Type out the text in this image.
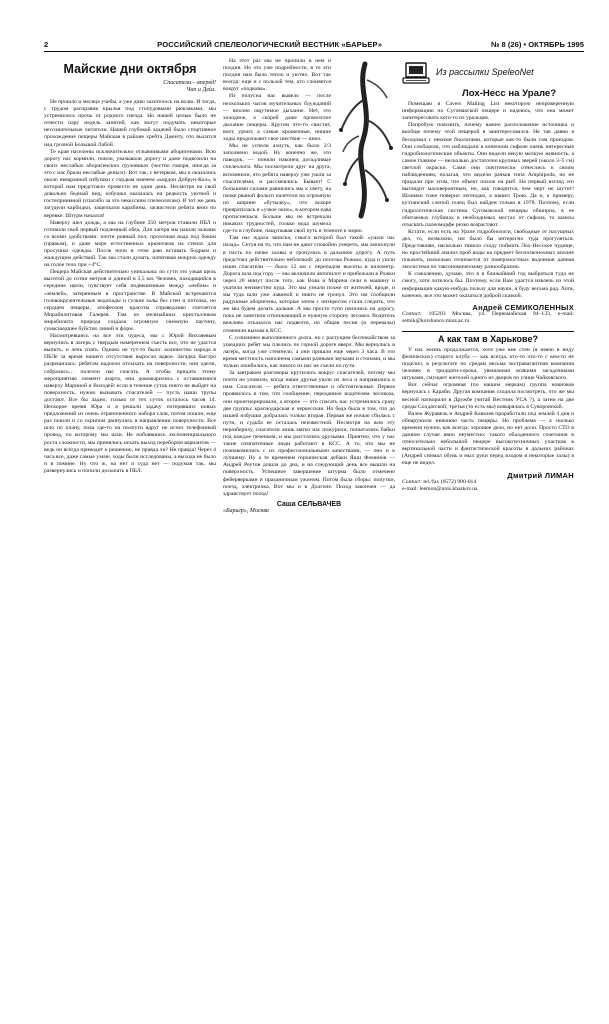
2	РОССИЙСКИЙ СПЕЛЕОЛОГИЧЕСКИЙ ВЕСТНИК «БАРЬЕР»	№ 8 (26) • ОКТЯБРЬ 1995
Майские дни октября
Спасатели – вперед!
Чип и Дейл.

Не прошло и месяца учебы, а уже дико захотелось на волю. И тогда, с трудом расправив крылья под стопудовыми рюкзаками, мы устремились прочь от родного гнезда. Но нашей целью было не отнести пару недель занятий, как могут подумать некоторые несознательные читатели. Нашей глубокой задачей было спортивное прохождение пещеры Майская в районе хребта Дженту, что высится над грозной Большой Лабой.

Те края населены исключительно отзывчивыми аборигенами. Всю дорогу нас кормили, поили, указывали дорогу и даже подвозили на своих неслабых аборигенских грузовиках (честно говоря, иногда за это с нас брали неслабые деньги). Вот так, с ветерком, мы и оказались около неварачной избушки с гордым именем «кордон Добрун-Кол», в которой нам предстояло провести не один день. Несмотря на свой довольно бедный вид, избушка оказалась на редкость уютной и гостеприимной (спасибо за это чекесским спелеологам). В тот же день загудели карбидки, защелкали карабины, засвистели ребята вниз по веревке. Штурм начался!

Наверху шел дождь, а мы на глубине 250 метров ставили ПБЛ и готовили свой первый подземный обед. Для лагеря мы нашли зальчик со всеми удобствами: почти ровный пол, проточная вода под боком (правым), и даже море естественных крючочков на стенах для просушки одежды. После ночи в этом раю вставать бодрым и жаждущим действий. Так мы стали думать, натягивая мокрую одежду на голое тело при +4°С.

Пещера Майская действительно уникальна: по сути это узкая щель высотой до сотни метров и длиной в 3,5 км. Человек, находящийся в середине щели, чувствует себя подвешенным между «небом» и «землей», затерянным в пространстве. В Майской встречаются головокружительные водопады и гулкие залы без стен и потолка, но сердцем пещеры, апофеозом красоты справедливо считается Мирабилитовая Галерея. Там из мельчайших кристалликов мирабилита природа создала огромную снежную паутину, сумасшедшее буйство линий и форм.

Насмотревшись на все эти чудеса, мы с Юрой Вихляевым вернулись в лагерь с твердым намерением съесть все, что не удастся выпить, и лечь спать. Однако не тут-то было: количество народа в ПБЛе за время нашего отсутствия выросло вдвое. Загадка быстро разрешилась: ребятам надоело отсыхать на поверхности, они одели, собрались… полезли нас спасать. А чтобы придать этому мероприятию элемент азарта, они доковырились с оставшимися наверху Мариной и Володей: если в течение суток никто не выйдет на поверхность, нужно вызывать спасателей — пусть наши трупы достают. Все бы ладно, только от тех суток осталось часов 14. Нескорое время Юра и я решали задачу потерявших новых предложений из очень ограниченного набора слов, потом пошли, еще раз пошли и со скрипом двинулись в направлении поверхности. Все шло по плану, пока где-то на полпути вдруг не исчез телефонный провод, по которому мы шли. Не побоявшись экспоненциального роста сложности, мы принялись искать выход перебором вариантов — ведь он всегда приводит к решению, не правда ли? Не правда! Через 4 часа все, даже самые узкие, ходы были исследованы, а выхода не было и в помине. Ну что ж, на нет и суда нет — подумав так, мы развернулись и попили досыпать в ПБЛ.

На этот раз мы не пропили в нем и полдня. Но это уже подробности, в те эти полдня нам было тепло и уютно. Вот так всегда: еще и с пользой тем, кто слоняется вокруг «подкова».

Из полусна нас вывело — после нескольких часов мучительных блужданий — вполне ощутимое дыхание. Нет, это холодное, а скорей даже промозглое дыхание пещеры. Кругом что-то свистит, воет, урчит, а самые крошечные, нищие ходы продолжают свое шествие — вниз.

Мы не успели ахнуть, как было 2/3 заполнено водой. Ну конечно же, это паводок, — поняли наконец догадливые спелеологи. Мы посмотрели друг на друга, вспомнили, что ребята наверху уже ушли за спасателями, и рассмеялись. Бывает! С большими силами равнялись мы к свету, на пачке рваной фольги налетели на огромную по ширине «бутылку», что вскоре превратилась в «узкое окно», в котором едва протиснешься. Больше мы не встречали никаких трудностей, только вода шумела где-то в глубине, нащупывая свой путь в темноте к морю.

Там нас ждала записка, смысл которой был такой: «ушли час назад». Сетуя на то, что нам не дают спокойно умереть, мы запихнули в пасть по пачке халвы и тронулись в дальнюю дорогу. А путь предстоял действительно неблизкий: до поселка Рожкао, куда и ушли наши спасатели — было 12 км с перепадом высоты в километр. Дорога шла под гору — мы включили автопилот и прибежали в Рожки через 20 минут после того, как Вова и Марина сели в машину и укатили неизвестно куда. Это мы узнали позже от жителей, вроде, и мы туда шли уже лавиной и никто не тронул. Это им сообщили радушные аборигены, которые затем с интересом стали следить, что же мы будем делать дальше. А мы просто тупо пялились на дорогу, пока не заметили отъезжающий в нужную сторону лесовоз. Водитель вежливо отказался нас подвезти, но общая песня (и перевалы) отменили вызова в КСС.

С сознанием выполненного долга, но с растущим беспокойством за ушедших ребят мы плелись по горной дороге вверх. Мы вернулись в лагерь, когда уже стемнело, а они пришли еще через 3 часа. В это время местность наполнена самыми разными звуками и стонами, и мы только ошибались, как никого из нас не съели по пути.

За завтраком разговоры крутились вокруг спасателей, потому мы почти не уловили, когда наши друзья ушли из леса и направились к нам. Спасатели — ребята ответственные и обстоятельные. Первое проявилось в том, что сообщение, переданное водителем лесовоза, они проигнорировали, а второе — что спасать нас устремились сразу две группы: краснодарская и черкесская. Но беда была в том, что до нашей избушки добралась только вторая. Первая же ночью сбилась с пути, и судьба ее осталась неизвестной. Несмотря на всю эту неразбериху, спасатели лишь мягко нас пожурили, попытались байки под каждое печеньем, и мы расстались друзьями. Приятно, что у нас такие симпатичные люди работают в КСС. А то, что мы не познакомились с их профессиональными качествами, — оно и к лучшему. Ну а те временем героическая дебаки Яши Фоминов — Андрей Реутов дошла до дна, и на следующий день все вышли на поверхность. Успешное завершение штурма было отмечено фейерверками и праздничным ужином. Потом была сборы: попутки, поезд, электричка. Вот мы и в Долгопе. Поход закончен — да здравствует поход!

Саша СЕЛЬВАЧЕВ
«Барьер», Москва
Из рассылки SpeleoNet
Лох-Несс на Урале?

Помещаю в Cavers Mailing List некоторую непроверенную информацию по Сугомакской пещере и надеюсь, что она может заинтересовать кого-то из уральцев.

Попробую пояснить, почему важно расположение источника и вообще почему этой пещерой я заинтересовался. Не так давно я беседовал с некими биологами, которые как-то были там проездом. Они сообщили, что наблюдали в конечном сифоне очень интересные гидробиологические объекты. Они видели некую мелкую живность, а самое главное — несколько достаточно крупных зверей (около 3–5 см) светлой окраски. Сами они скептически отнеслись к своим наблюдениям, полагая, что видели рачков типа Amphipoda, но не придали при этом, что объект похож на рыб. На первый взгляд это выглядит маловероятным, но, как говорится, чем черт не шутит! Шлиман тоже поверил легендам, а нашел Трою. Да и, к примеру, куэтаиский слепой голец был найден только в 1978. Поэтому, если гидрологическая система Сугомакской пещеры обширна, в ее обитаемых глубинах в необходимых местах от сифона, то шансы отыскать палеоморфе резко возрастают.

Кстати, если есть на Урале гидробиологи, свободные от насущных дел, то, возможно, им было бы интересно туда прогуляться. Представляю, насколько тяжело сходу поймать Лох-Несское чудище, но простейший анализ проб воды на предмет беспозвоночных вполне показать, насколько отличается от поверхностных водоемов данная экосистема по таксономическому разнообразию.

К сожалению, думаю, что я в ближайший год выбраться туда не смогу, хотя хотелось бы. Поэтому, если Вам удастся извлечь из этой информации какую-нибудь пользу для науки, я буду весьма рад. Хотя, конечно, все это может оказаться доброй сказкой.

Андрей СЕМИКОЛЕННЫХ
Contact: 105203 Москва, ул. Первомайская 94–133, e-mail: semik@korshunov.misa.ac.ru
А как там в Харькове?

У нас жизнь продолжается, хотя уже вне стен (я имею в виду физических) старого клуба — как всегда, кто-то что-то с кем-то не поделил, в результате по средам весьма экстравагантная компания человек в тридцати-сорока, увешанная всякими загадочными штуками, смущает жителей одного из дворов по улице Чайковского.

Вот сейчас огромная (по нашим меркам) группа новичков вернулась с Караби. Другая компания сходила посмотреть, что же мы весной натворили в Дружбе (читай Вестник УСА ?), а затем на две среды Солдатской; третья (то есть мы) ковырялась в Суворовской.

Валек Журавель и Андрей Ковалев проработали под землей 4 дня и обнаружили нижнюю часть пещеры. Но проблема — а сколько времени нужно, как всегда: хорошее дело, но нет доли. Просто СТО в данном случае явно неуместно: такого обалденного сочетания в относительно небольшой пещере высокотехничных участков в вертикальной части и фантастической красоты в дальних районах (Андрей снимал обувь и мыл руки перед входом в некоторые залы) я еще не видел.

Дмитрий ЛИМАН
Contact: tel./fax (0572) 900-014
e-mail: leemon@unis.kharkov.ua
